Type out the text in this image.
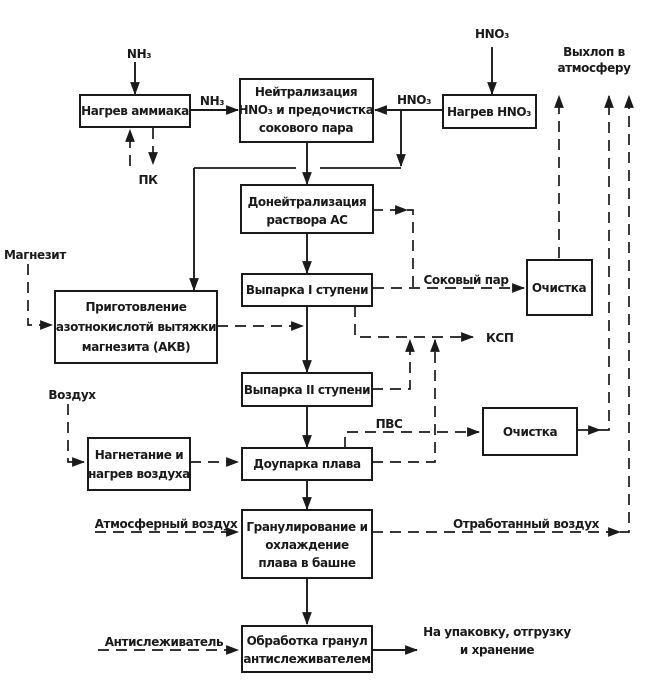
Нагрев аммиака
Нейтрализация
HNO₃ и предочистка
сокового пара
Нагрев HNO₃
Донейтрализация
раствора АС
Выпарка I ступени
Приготовление
азотнокислотй вытяжки
магнезита (АКВ)
Выпарка II ступени
Доупарка плава
Нагнетание и
нагрев воздуха
Гранулирование и
охлаждение
плава в башне
Очистка
Очистка
Обработка гранул
антислеживателем
NH₃
NH₃
HNO₃
HNO₃
ПК
Выхлоп в
атмосферу
Магнезит
Соковый пар
КСП
ПВС
Воздух
Атмосферный воздух	Отработанный воздух
Антислеживатель
На упаковку, отгрузку
и хранение
